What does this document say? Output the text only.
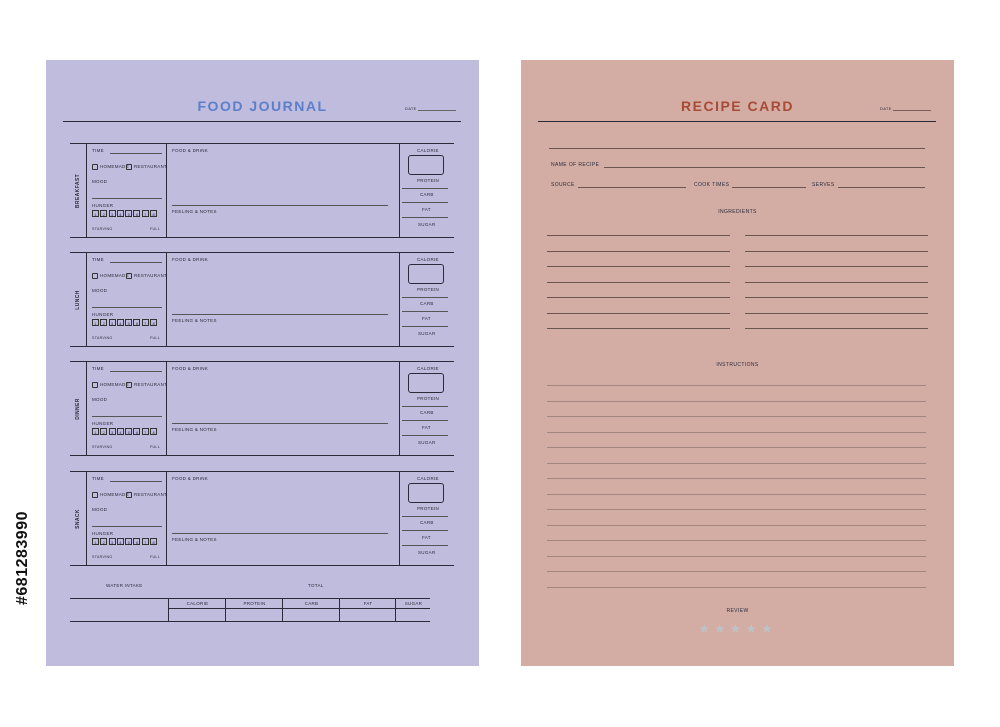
#681283990
FOOD JOURNAL	DATE
BREAKFAST
TIME
HOMEMADE	RESTAURANT
MOOD
HUNGER
1	2	3	4	5	6	7	8
STARVING	FULL
FOOD & DRINK
FEELING & NOTES
CALORIE
PROTEIN
CARB
FAT
SUGAR
LUNCH
TIME
HOMEMADE	RESTAURANT
MOOD
HUNGER
1	2	3	4	5	6	7	8
STARVING	FULL
FOOD & DRINK
FEELING & NOTES
CALORIE
PROTEIN
CARB
FAT
SUGAR
DINNER
TIME
HOMEMADE	RESTAURANT
MOOD
HUNGER
1	2	3	4	5	6	7	8
STARVING	FULL
FOOD & DRINK
FEELING & NOTES
CALORIE
PROTEIN
CARB
FAT
SUGAR
SNACK
TIME
HOMEMADE	RESTAURANT
MOOD
HUNGER
1	2	3	4	5	6	7	8
STARVING	FULL
FOOD & DRINK
FEELING & NOTES
CALORIE
PROTEIN
CARB
FAT
SUGAR
WATER INTAKE	TOTAL
CALORIE	PROTEIN	CARB	FAT	SUGAR
RECIPE CARD	DATE
NAME OF RECIPE
SOURCE	COOK TIMES	SERVES
INGREDIENTS
INSTRUCTIONS
REVIEW
★★★★★
